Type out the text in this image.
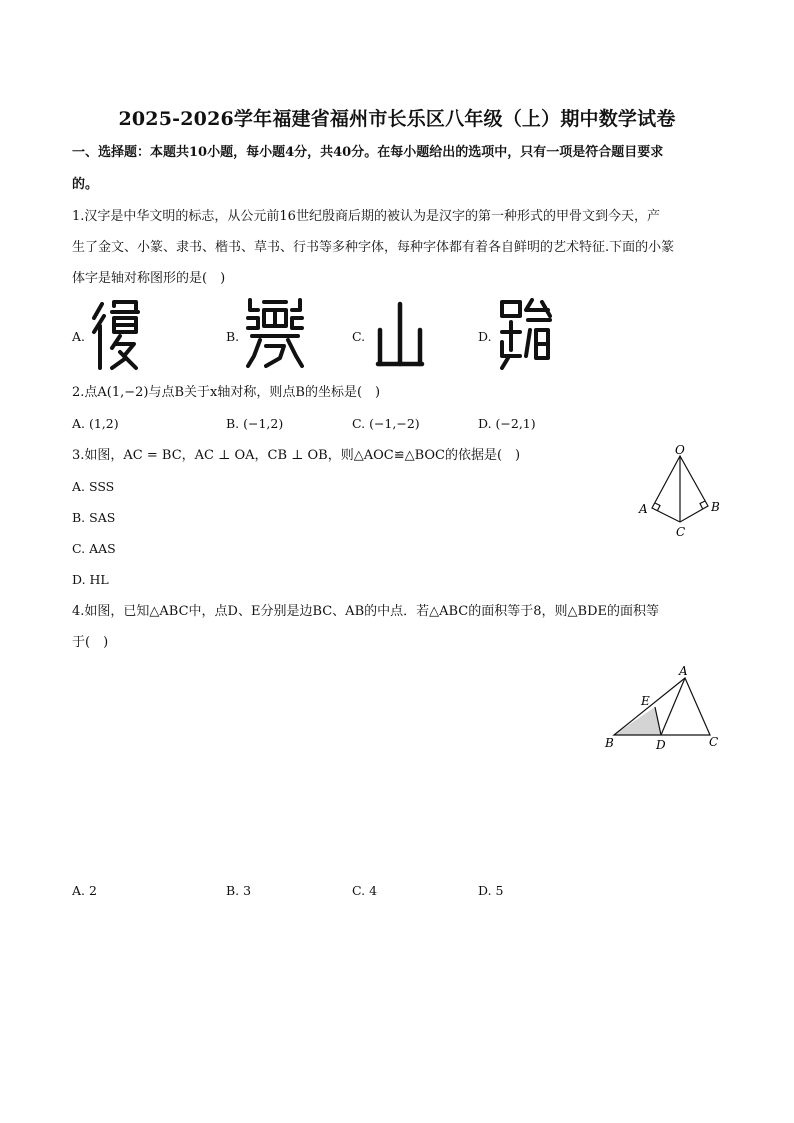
2025-2026学年福建省福州市长乐区八年级（上）期中数学试卷
一、选择题：本题共10小题，每小题4分，共40分。在每小题给出的选项中，只有一项是符合题目要求
的。
1.汉字是中华文明的标志，从公元前16世纪殷商后期的被认为是汉字的第一种形式的甲骨文到今天，产
生了金文、小篆、隶书、楷书、草书、行书等多种字体，每种字体都有着各自鲜明的艺术特征.下面的小篆
体字是轴对称图形的是(　)
A.	B.	C.	D.
2.点A(1,−2)与点B关于x轴对称，则点B的坐标是(　)
A. (1,2)	B. (−1,2)	C. (−1,−2)	D. (−2,1)
3.如图，AC = BC，AC ⊥ OA，CB ⊥ OB，则△AOC≌△BOC的依据是(　)
A. SSS
B. SAS
C. AAS
D. HL
O
A	B
C
4.如图，已知△ABC中，点D、E分别是边BC、AB的中点．若△ABC的面积等于8，则△BDE的面积等
于(　)
A
E
B	D	C
A. 2	B. 3	C. 4	D. 5
